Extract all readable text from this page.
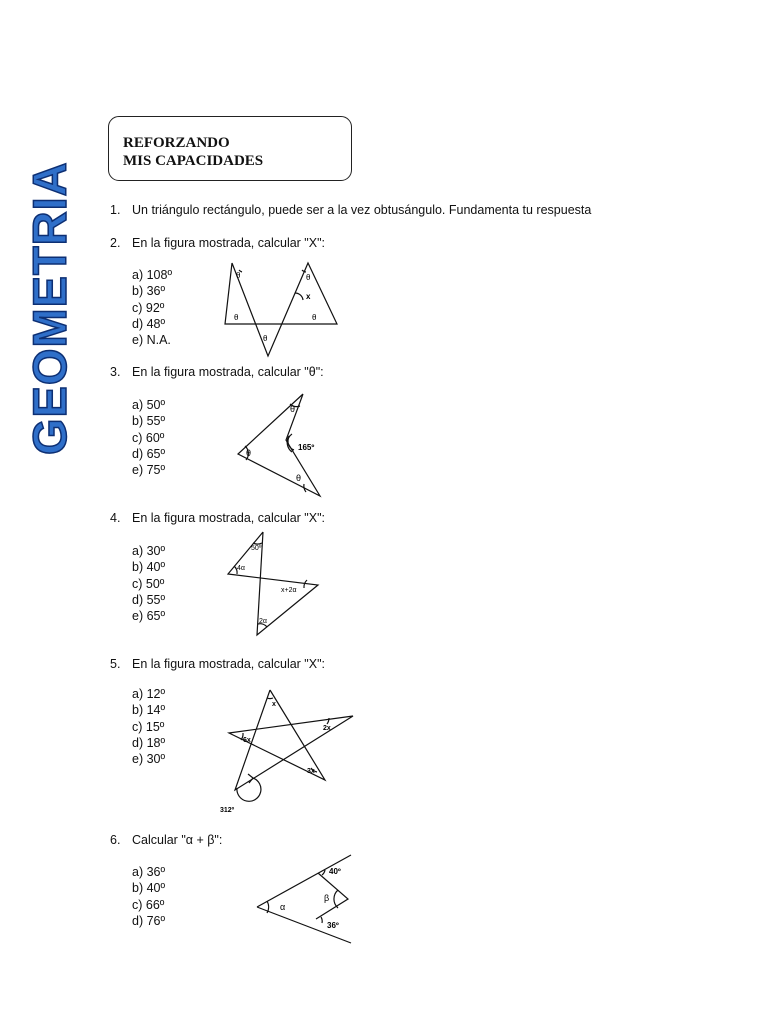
GEOMETRIA
REFORZANDO
MIS CAPACIDADES
1. Un triángulo rectángulo, puede ser a la vez obtusángulo. Fundamenta tu respuesta
2. En la figura mostrada, calcular "X":
a) 108º
b) 36º
c) 92º
d) 48º
e) N.A.
θ	θ
θ	θ
θ
x
3. En la figura mostrada, calcular "θ":
a) 50º
b) 55º
c) 60º
d) 65º
e) 75º
θ
θ
θ
165º
4. En la figura mostrada, calcular "X":
a) 30º
b) 40º
c) 50º
d) 55º
e) 65º
50º
4α
x+2α
2α
5. En la figura mostrada, calcular "X":
a) 12º
b) 14º
c) 15º
d) 18º
e) 30º
x
2x
6x
3x
312º
6. Calcular "α + β":
a) 36º
b) 40º
c) 66º
d) 76º
40º
β
α
36º
